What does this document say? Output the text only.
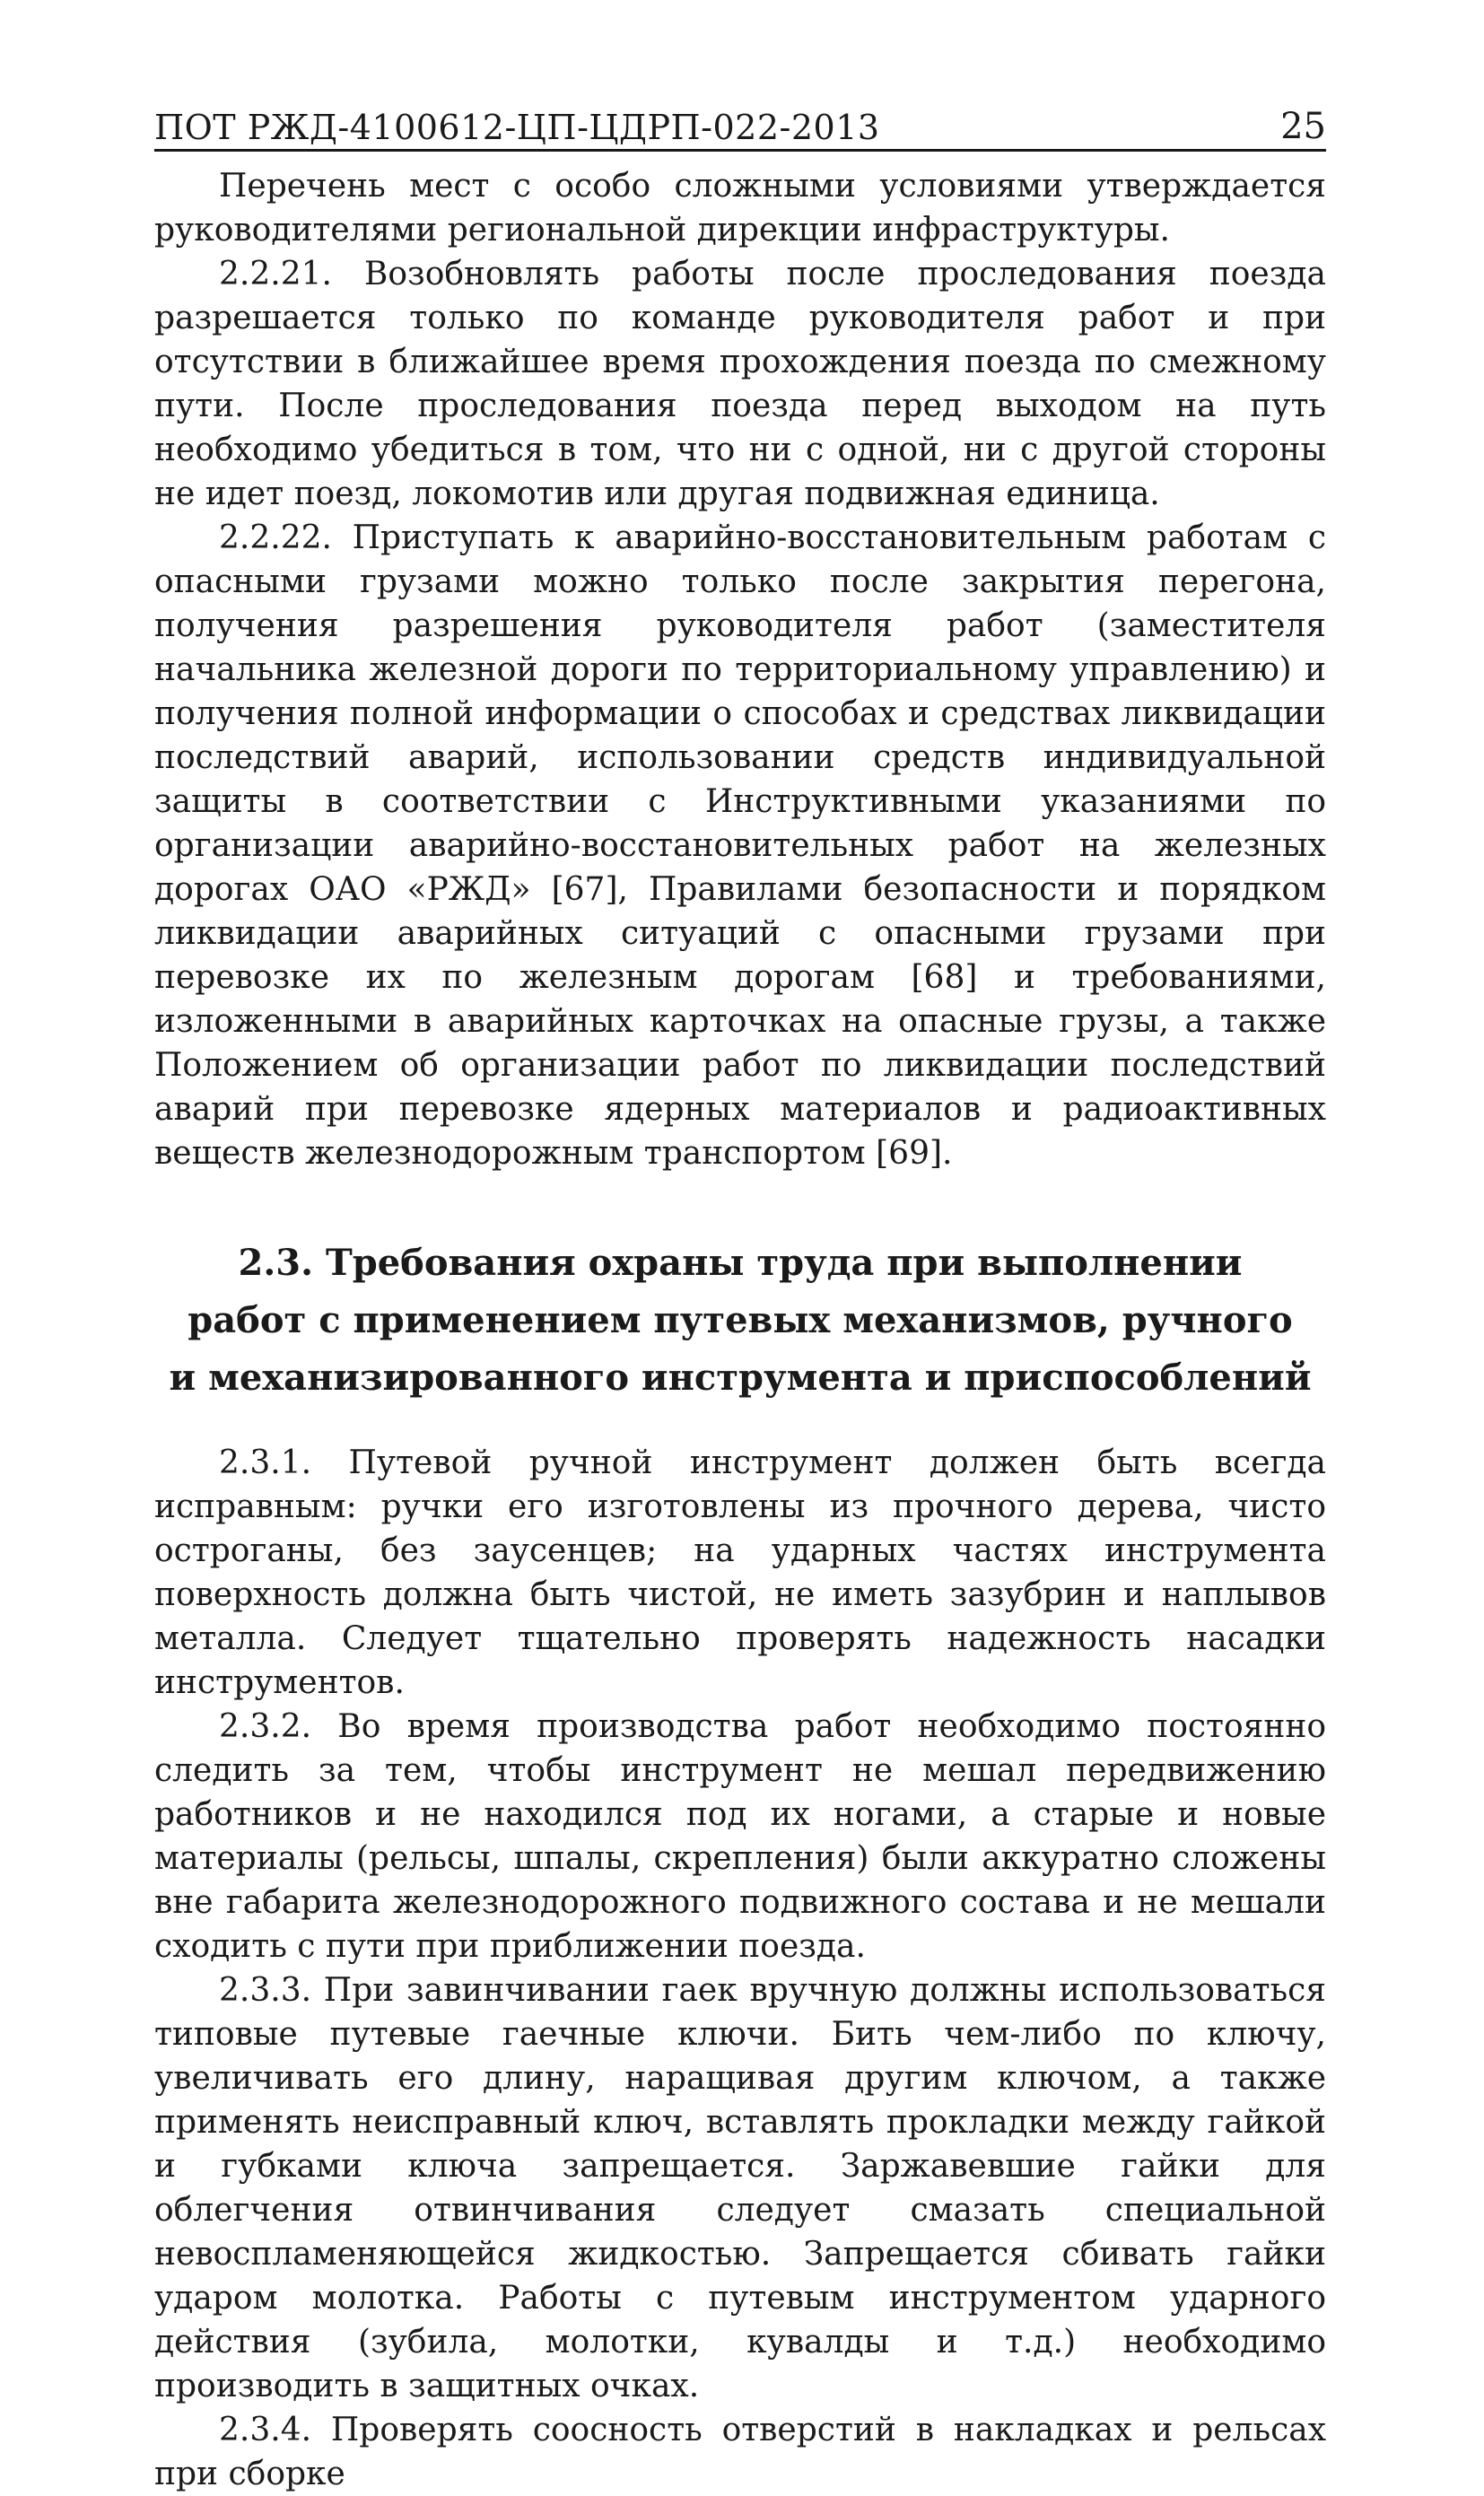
ПОТ РЖД-4100612-ЦП-ЦДРП-022-2013	25

Перечень мест с особо сложными условиями утверждается руководителями региональной дирекции инфраструктуры.

2.2.21. Возобновлять работы после проследования поезда разрешается только по команде руководителя работ и при отсутствии в ближайшее время прохождения поезда по смежному пути. После проследования поезда перед выходом на путь необходимо убедиться в том, что ни с одной, ни с другой стороны не идет поезд, локомотив или другая подвижная единица.

2.2.22. Приступать к аварийно-восстановительным работам с опасными грузами можно только после закрытия перегона, получения разрешения руководителя работ (заместителя начальника железной дороги по территориальному управлению) и получения полной информации о способах и средствах ликвидации последствий аварий, использовании средств индивидуальной защиты в соответствии с Инструктивными указаниями по организации аварийно-восстановительных работ на железных дорогах ОАО «РЖД» [67], Правилами безопасности и порядком ликвидации аварийных ситуаций с опасными грузами при перевозке их по железным дорогам [68] и требованиями, изложенными в аварийных карточках на опасные грузы, а также Положением об организации работ по ликвидации последствий аварий при перевозке ядерных материалов и радиоактивных веществ железнодорожным транспортом [69].

2.3. Требования охраны труда при выполнении
работ с применением путевых механизмов, ручного
и механизированного инструмента и приспособлений

2.3.1. Путевой ручной инструмент должен быть всегда исправным: ручки его изготовлены из прочного дерева, чисто остроганы, без заусенцев; на ударных частях инструмента поверхность должна быть чистой, не иметь зазубрин и наплывов металла. Следует тщательно проверять надежность насадки инструментов.

2.3.2. Во время производства работ необходимо постоянно следить за тем, чтобы инструмент не мешал передвижению работников и не находился под их ногами, а старые и новые материалы (рельсы, шпалы, скрепления) были аккуратно сложены вне габарита железнодорожного подвижного состава и не мешали сходить с пути при приближении поезда.

2.3.3. При завинчивании гаек вручную должны использоваться типовые путевые гаечные ключи. Бить чем-либо по ключу, увеличивать его длину, наращивая другим ключом, а также применять неисправный ключ, вставлять прокладки между гайкой и губками ключа запрещается. Заржавевшие гайки для облегчения отвинчивания следует смазать специальной невоспламеняющейся жидкостью. Запрещается сбивать гайки ударом молотка. Работы с путевым инструментом ударного действия (зубила, молотки, кувалды и т.д.) необходимо производить в защитных очках.

2.3.4. Проверять соосность отверстий в накладках и рельсах при сборке
